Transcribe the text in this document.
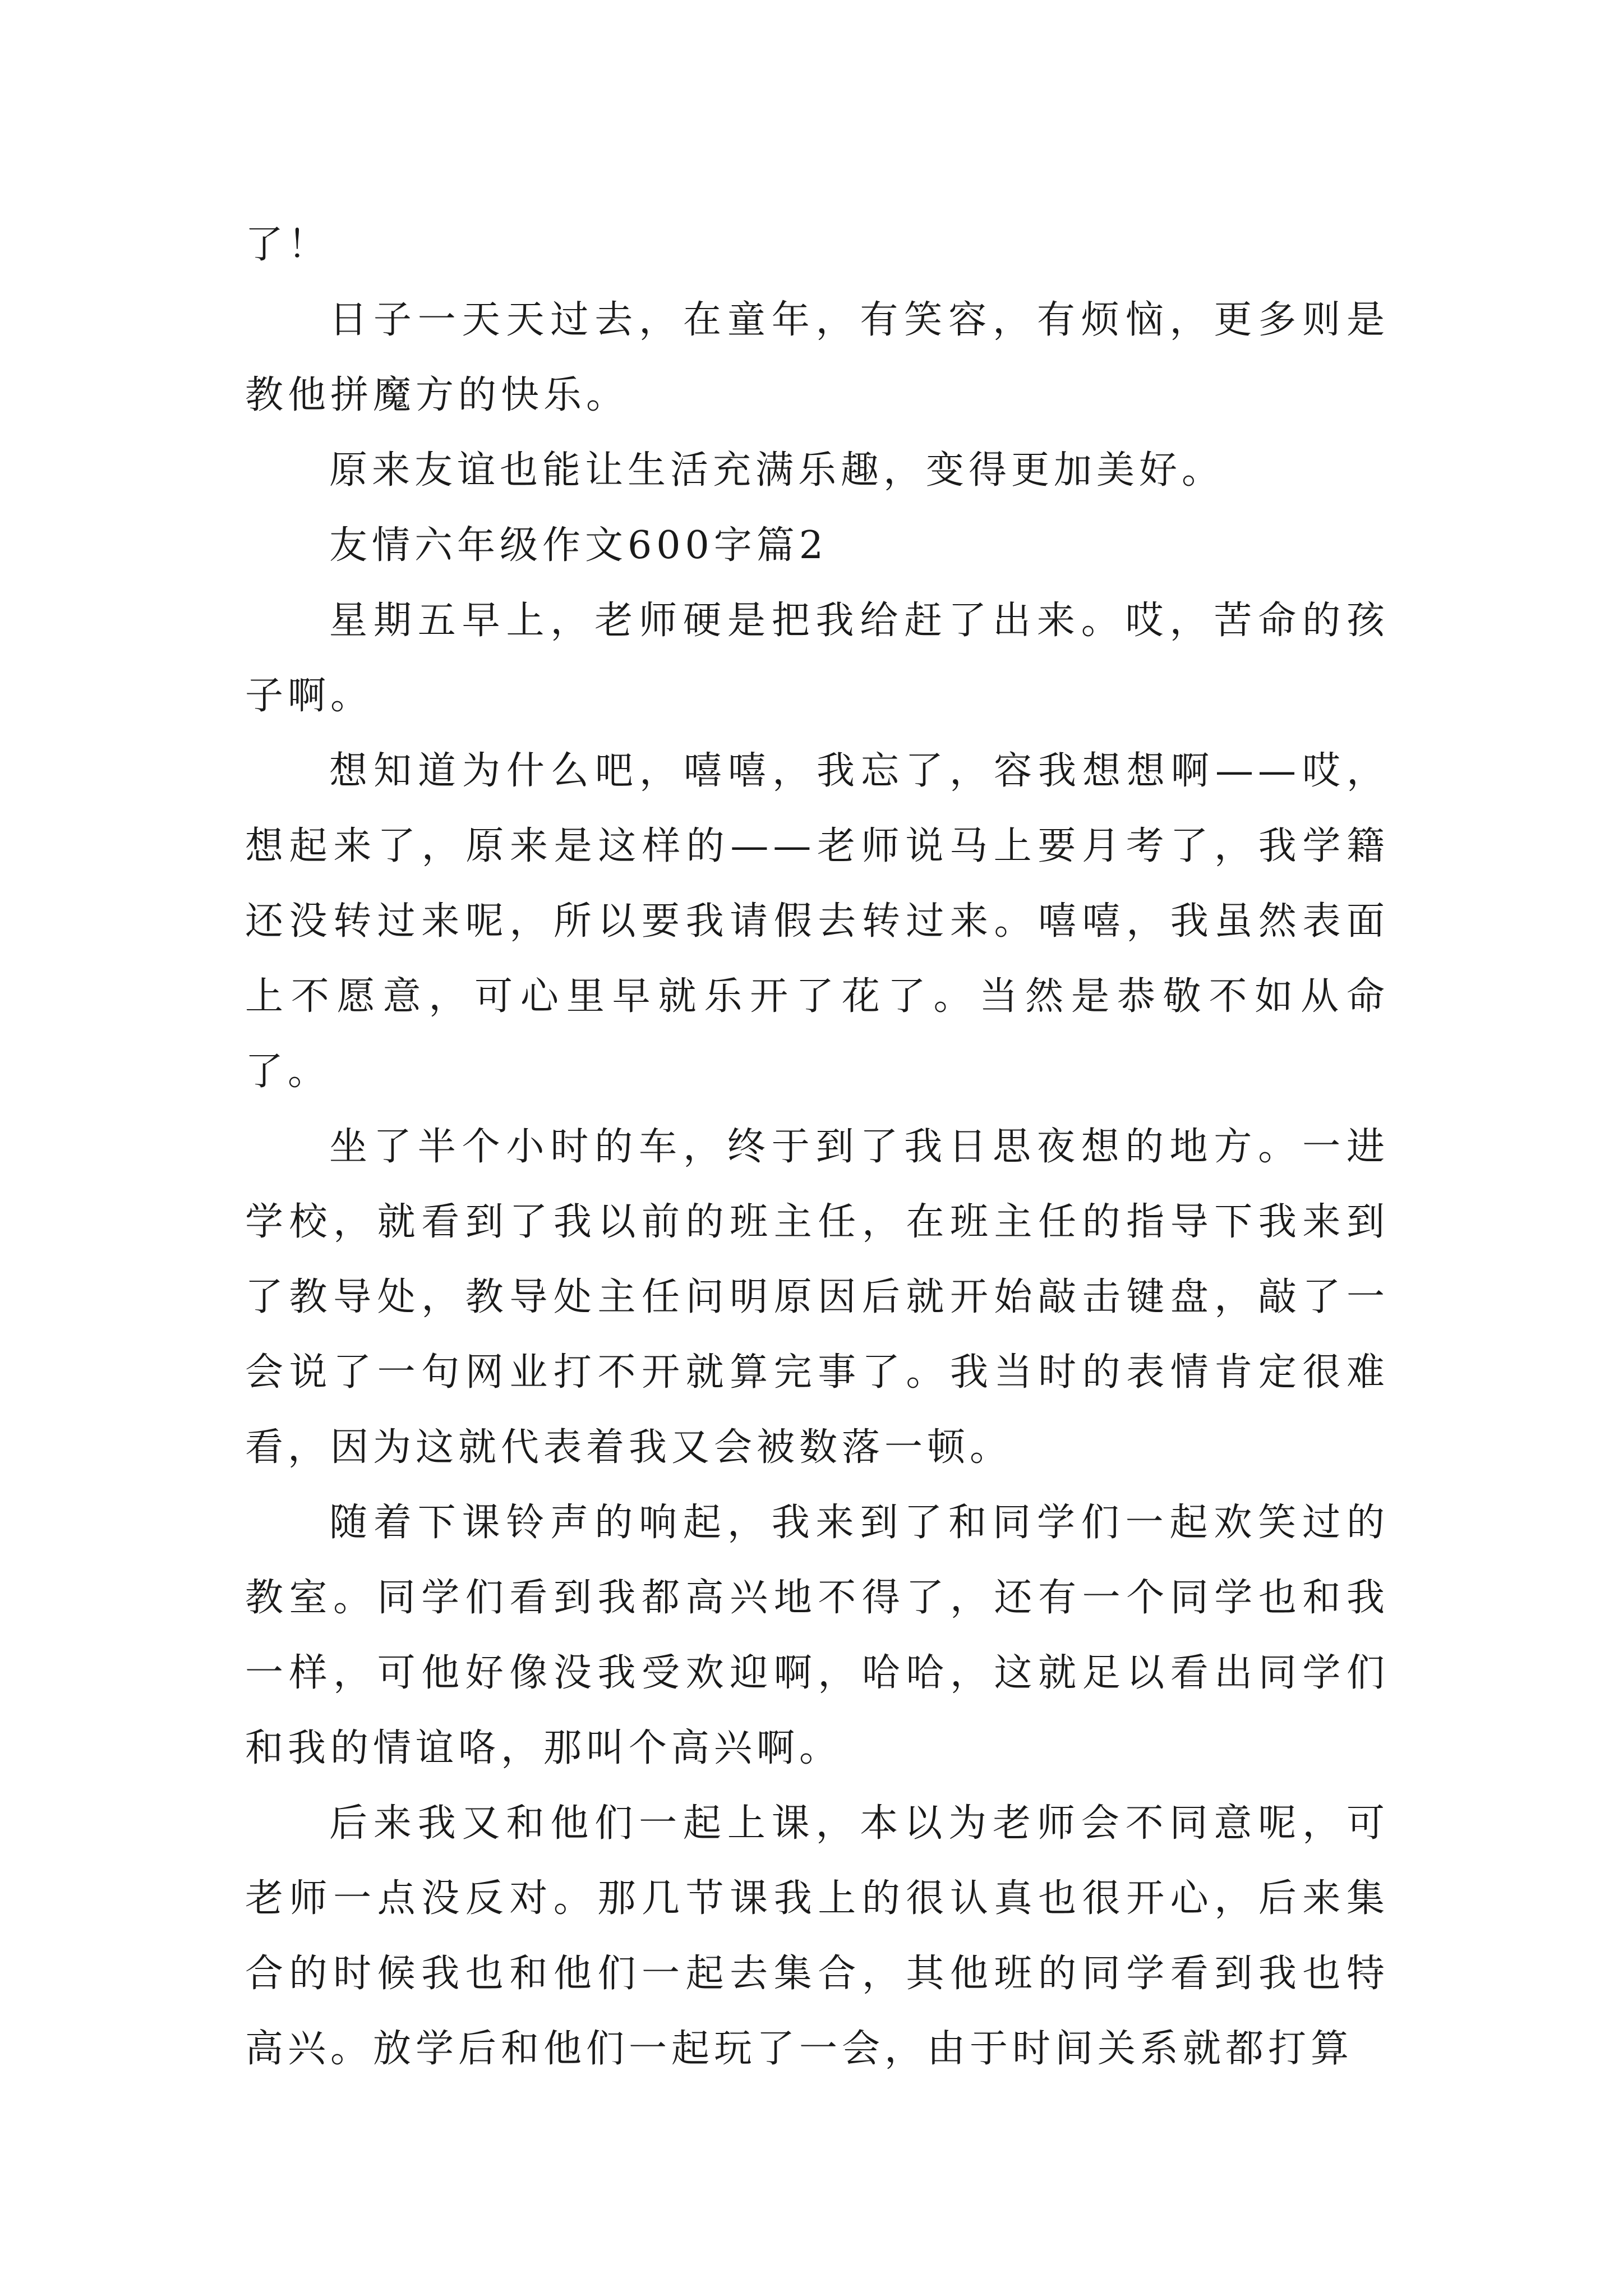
了！

日子一天天过去，在童年，有笑容，有烦恼，更多则是教他拼魔方的快乐。

原来友谊也能让生活充满乐趣，变得更加美好。

友情六年级作文600字篇2

星期五早上，老师硬是把我给赶了出来。哎，苦命的孩子啊。

想知道为什么吧，嘻嘻，我忘了，容我想想啊——哎，想起来了，原来是这样的——老师说马上要月考了，我学籍还没转过来呢，所以要我请假去转过来。嘻嘻，我虽然表面上不愿意，可心里早就乐开了花了。当然是恭敬不如从命了。

坐了半个小时的车，终于到了我日思夜想的地方。一进学校，就看到了我以前的班主任，在班主任的指导下我来到了教导处，教导处主任问明原因后就开始敲击键盘，敲了一会说了一句网业打不开就算完事了。我当时的表情肯定很难看，因为这就代表着我又会被数落一顿。

随着下课铃声的响起，我来到了和同学们一起欢笑过的教室。同学们看到我都高兴地不得了，还有一个同学也和我一样，可他好像没我受欢迎啊，哈哈，这就足以看出同学们和我的情谊咯，那叫个高兴啊。

后来我又和他们一起上课，本以为老师会不同意呢，可老师一点没反对。那几节课我上的很认真也很开心，后来集合的时候我也和他们一起去集合，其他班的同学看到我也特高兴。放学后和他们一起玩了一会，由于时间关系就都打算
